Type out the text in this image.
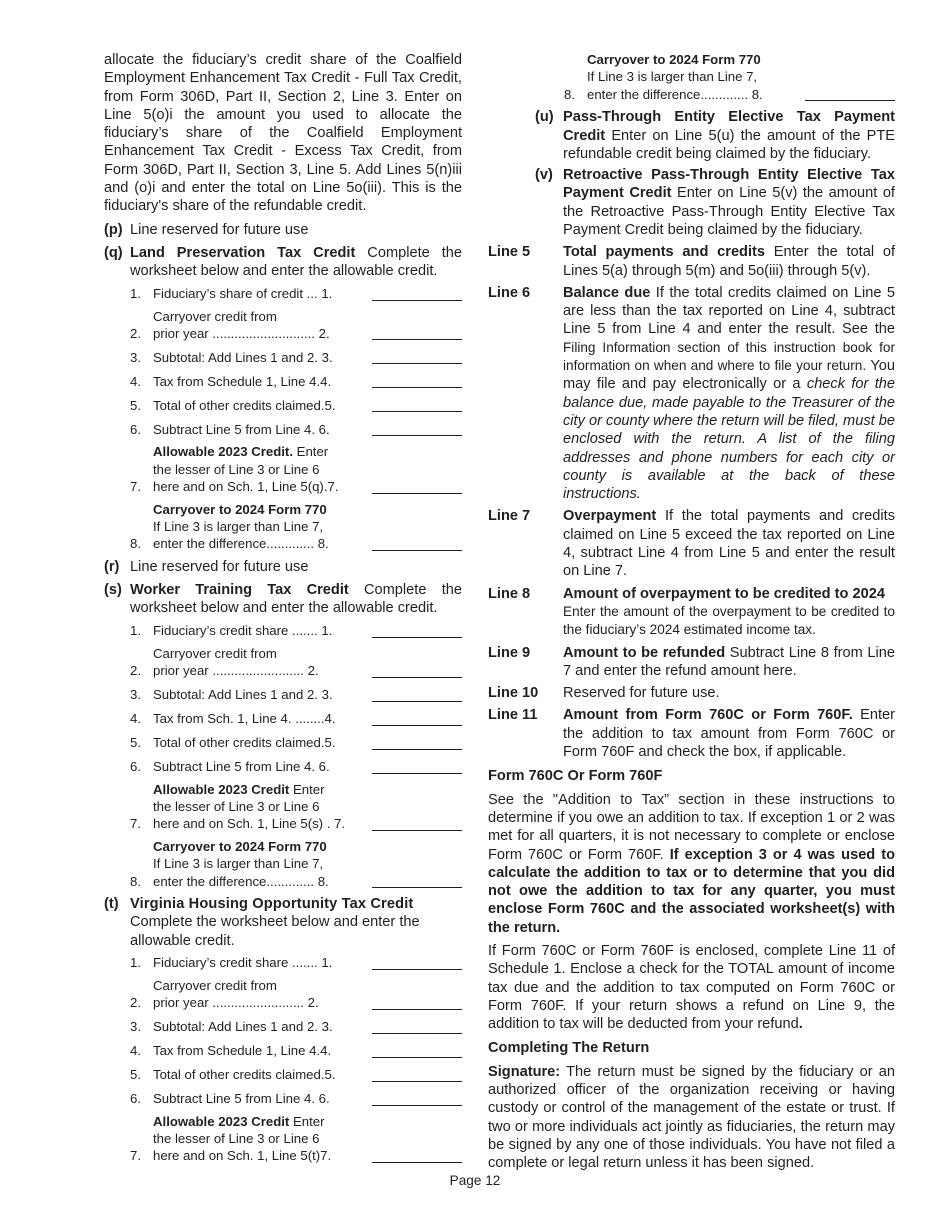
allocate the fiduciary’s credit share of the Coalfield Employment Enhancement Tax Credit - Full Tax Credit, from Form 306D, Part II, Section 2, Line 3. Enter on Line 5(o)i the amount you used to allocate the fiduciary’s share of the Coalfield Employment Enhancement Tax Credit - Excess Tax Credit, from Form 306D, Part II, Section 3, Line 5. Add Lines 5(n)iii and (o)i and enter the total on Line 5o(iii). This is the fiduciary's share of the refundable credit.

(p) Line reserved for future use
(q) Land Preservation Tax Credit Complete the worksheet below and enter the allowable credit.
1. Fiduciary’s share of credit ... 1.
2.
Carryover credit from
prior year ............................ 2.
3. Subtotal: Add Lines 1 and 2. 3.
4. Tax from Schedule 1, Line 4.4.
5. Total of other credits claimed.5.
6. Subtract Line 5 from Line 4. 6.
7.
Allowable 2023 Credit. Enter
the lesser of Line 3 or Line 6
here and on Sch. 1, Line 5(q).7.
8.
Carryover to 2024 Form 770
If Line 3 is larger than Line 7,
enter the difference............. 8.
(r) Line reserved for future use
(s) Worker Training Tax Credit Complete the worksheet below and enter the allowable credit.
1. Fiduciary’s credit share ....... 1.
2.
Carryover credit from
prior year ......................... 2.
3. Subtotal: Add Lines 1 and 2. 3.
4. Tax from Sch. 1, Line 4. ........4.
5. Total of other credits claimed.5.
6. Subtract Line 5 from Line 4. 6.
7.
Allowable 2023 Credit Enter
the lesser of Line 3 or Line 6
here and on Sch. 1, Line 5(s) . 7.
8.
Carryover to 2024 Form 770
If Line 3 is larger than Line 7,
enter the difference............. 8.
(t) Virginia Housing Opportunity Tax Credit
Complete the worksheet below and enter the allowable credit.
1. Fiduciary’s credit share ....... 1.
2.
Carryover credit from
prior year ......................... 2.
3. Subtotal: Add Lines 1 and 2. 3.
4. Tax from Schedule 1, Line 4.4.
5. Total of other credits claimed.5.
6. Subtract Line 5 from Line 4. 6.
7.
Allowable 2023 Credit Enter
the lesser of Line 3 or Line 6
here and on Sch. 1, Line 5(t)7.
8.
Carryover to 2024 Form 770
If Line 3 is larger than Line 7,
enter the difference............. 8.
(u) Pass-Through Entity Elective Tax Payment Credit Enter on Line 5(u) the amount of the PTE refundable credit being claimed by the fiduciary.
(v) Retroactive Pass-Through Entity Elective Tax Payment Credit Enter on Line 5(v) the amount of the Retroactive Pass-Through Entity Elective Tax Payment Credit being claimed by the fiduciary.
Line 5	Total payments and credits Enter the total of Lines 5(a) through 5(m) and 5o(iii) through 5(v).
Line 6	Balance due If the total credits claimed on Line 5 are less than the tax reported on Line 4, subtract Line 5 from Line 4 and enter the result. See the Filing Information section of this instruction book for information on when and where to file your return. You may file and pay electronically or a check for the balance due, made payable to the Treasurer of the city or county where the return will be filed, must be enclosed with the return. A list of the filing addresses and phone numbers for each city or county is available at the back of these instructions.
Line 7	Overpayment If the total payments and credits claimed on Line 5 exceed the tax reported on Line 4, subtract Line 4 from Line 5 and enter the result on Line 7.
Line 8	Amount of overpayment to be credited to 2024
Enter the amount of the overpayment to be credited to the fiduciary’s 2024 estimated income tax.
Line 9	Amount to be refunded Subtract Line 8 from Line 7 and enter the refund amount here.
Line 10	Reserved for future use.
Line 11	Amount from Form 760C or Form 760F. Enter the addition to tax amount from Form 760C or Form 760F and check the box, if applicable.

Form 760C Or Form 760F

See the "Addition to Tax” section in these instructions to determine if you owe an addition to tax. If exception 1 or 2 was met for all quarters, it is not necessary to complete or enclose Form 760C or Form 760F. If exception 3 or 4 was used to calculate the addition to tax or to determine that you did not owe the addition to tax for any quarter, you must enclose Form 760C and the associated worksheet(s) with the return.

If Form 760C or Form 760F is enclosed, complete Line 11 of Schedule 1. Enclose a check for the TOTAL amount of income tax due and the addition to tax computed on Form 760C or Form 760F. If your return shows a refund on Line 9, the addition to tax will be deducted from your refund.

Completing The Return

Signature: The return must be signed by the fiduciary or an authorized officer of the organization receiving or having custody or control of the management of the estate or trust. If two or more individuals act jointly as fiduciaries, the return may be signed by any one of those individuals. You have not filed a complete or legal return unless it has been signed.

Page 12
